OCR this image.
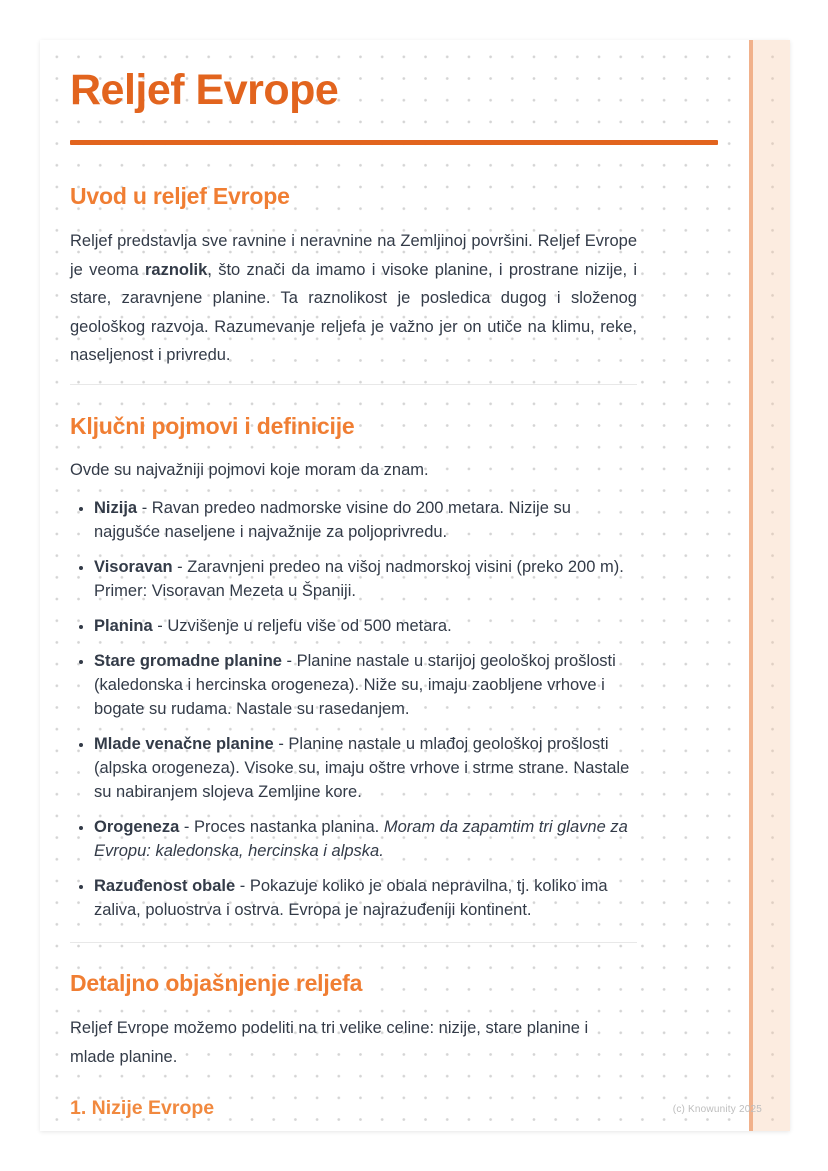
Reljef Evrope
Uvod u reljef Evrope

Reljef predstavlja sve ravnine i neravnine na Zemljinoj površini. Reljef Evrope je veoma raznolik, što znači da imamo i visoke planine, i prostrane nizije, i stare, zaravnjene planine. Ta raznolikost je posledica dugog i složenog geološkog razvoja. Razumevanje reljefa je važno jer on utiče na klimu, reke, naseljenost i privredu.

Ključni pojmovi i definicije

Ovde su najvažniji pojmovi koje moram da znam.

• Nizija - Ravan predeo nadmorske visine do 200 metara. Nizije su najgušće naseljene i najvažnije za poljoprivredu.
• Visoravan - Zaravnjeni predeo na višoj nadmorskoj visini (preko 200 m). Primer: Visoravan Mezeta u Španiji.
• Planina - Uzvišenje u reljefu više od 500 metara.
• Stare gromadne planine - Planine nastale u starijoj geološkoj prošlosti (kaledonska i hercinska orogeneza). Niže su, imaju zaobljene vrhove i bogate su rudama. Nastale su rasedanjem.
• Mlade venačne planine - Planine nastale u mlađoj geološkoj prošlosti (alpska orogeneza). Visoke su, imaju oštre vrhove i strme strane. Nastale su nabiranjem slojeva Zemljine kore.
• Orogeneza - Proces nastanka planina. Moram da zapamtim tri glavne za Evropu: kaledonska, hercinska i alpska.
• Razuđenost obale - Pokazuje koliko je obala nepravilna, tj. koliko ima zaliva, poluostrva i ostrva. Evropa je najrazuđeniji kontinent.
Detaljno objašnjenje reljefa

Reljef Evrope možemo podeliti na tri velike celine: nizije, stare planine i mlade planine.

1. Nizije Evrope	(c) Knowunity 2025
